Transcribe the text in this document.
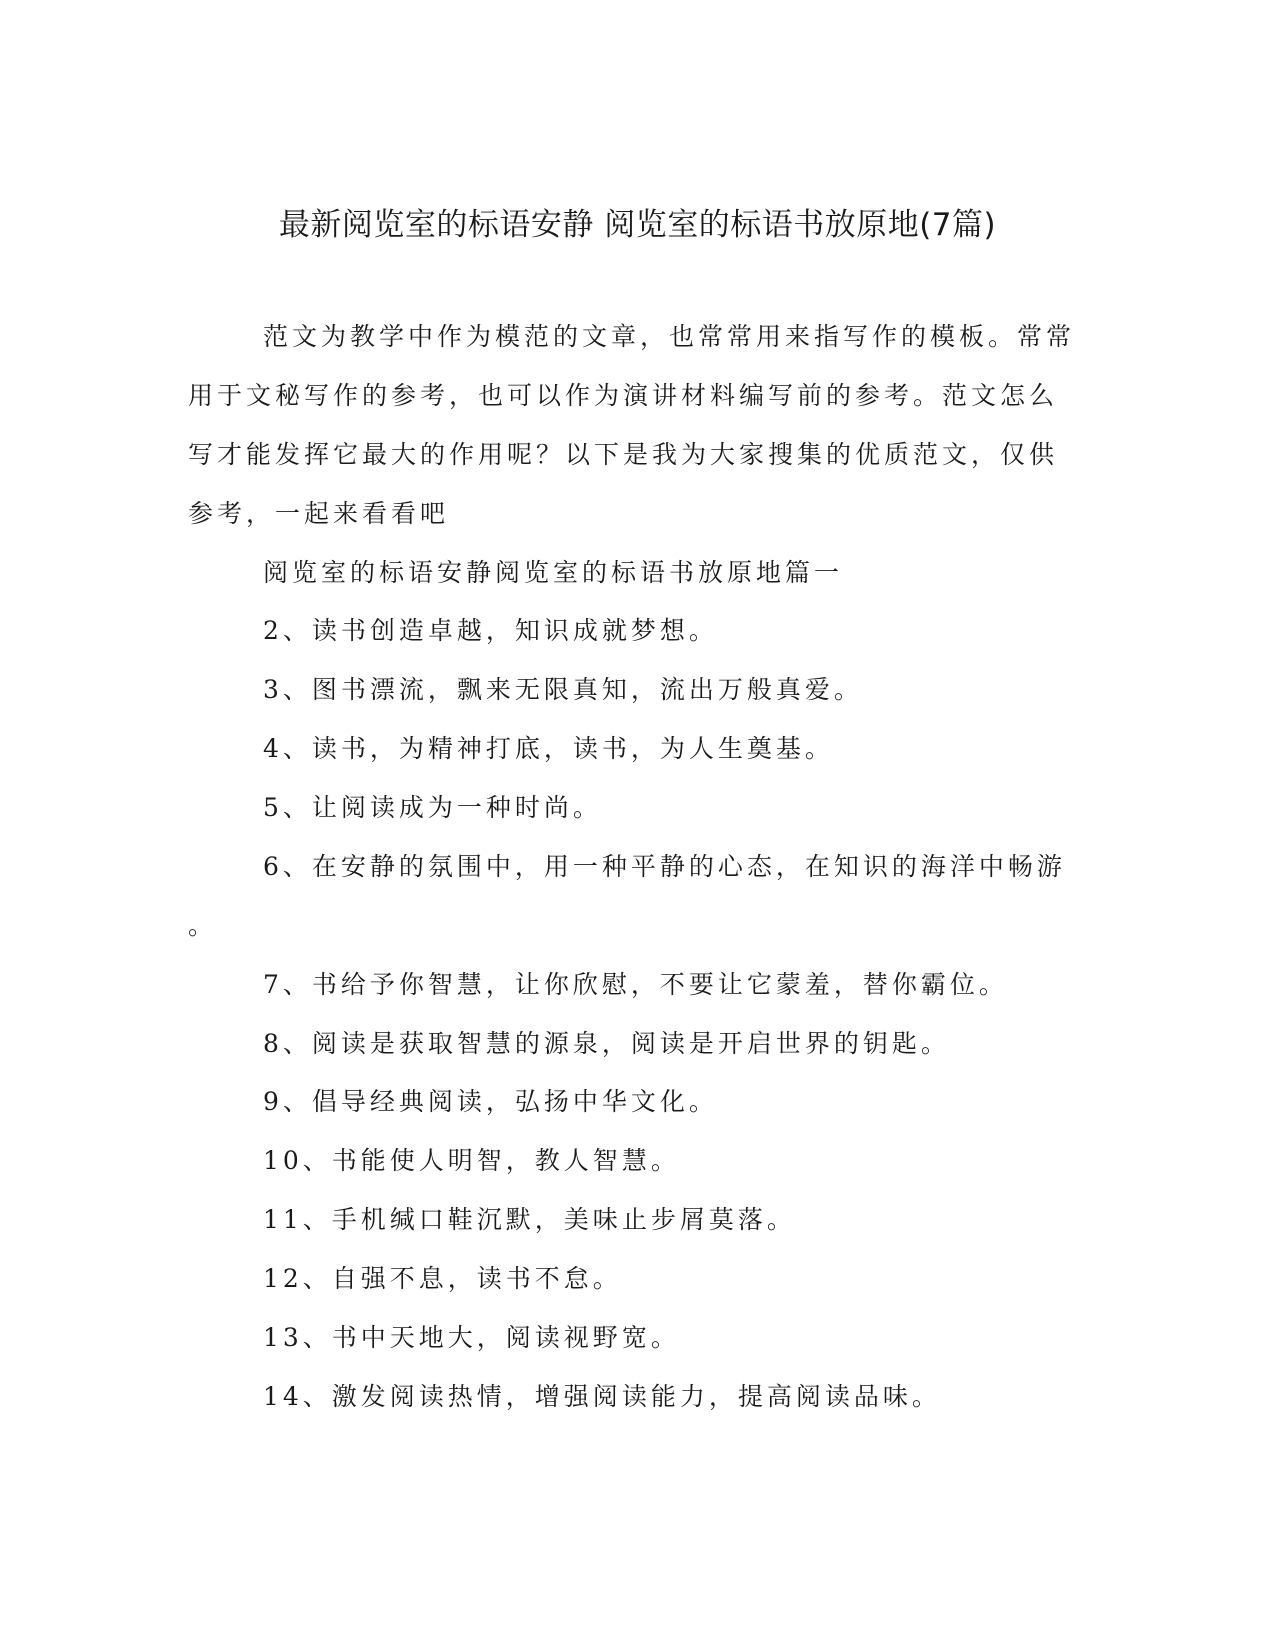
最新阅览室的标语安静 阅览室的标语书放原地(7篇)
范文为教学中作为模范的文章，也常常用来指写作的模板。常常
用于文秘写作的参考，也可以作为演讲材料编写前的参考。范文怎么
写才能发挥它最大的作用呢？以下是我为大家搜集的优质范文，仅供
参考，一起来看看吧
阅览室的标语安静阅览室的标语书放原地篇一
2、读书创造卓越，知识成就梦想。
3、图书漂流，飘来无限真知，流出万般真爱。
4、读书，为精神打底，读书，为人生奠基。
5、让阅读成为一种时尚。
6、在安静的氛围中，用一种平静的心态，在知识的海洋中畅游
。
7、书给予你智慧，让你欣慰，不要让它蒙羞，替你霸位。
8、阅读是获取智慧的源泉，阅读是开启世界的钥匙。
9、倡导经典阅读，弘扬中华文化。
10、书能使人明智，教人智慧。
11、手机缄口鞋沉默，美味止步屑莫落。
12、自强不息，读书不怠。
13、书中天地大，阅读视野宽。
14、激发阅读热情，增强阅读能力，提高阅读品味。
